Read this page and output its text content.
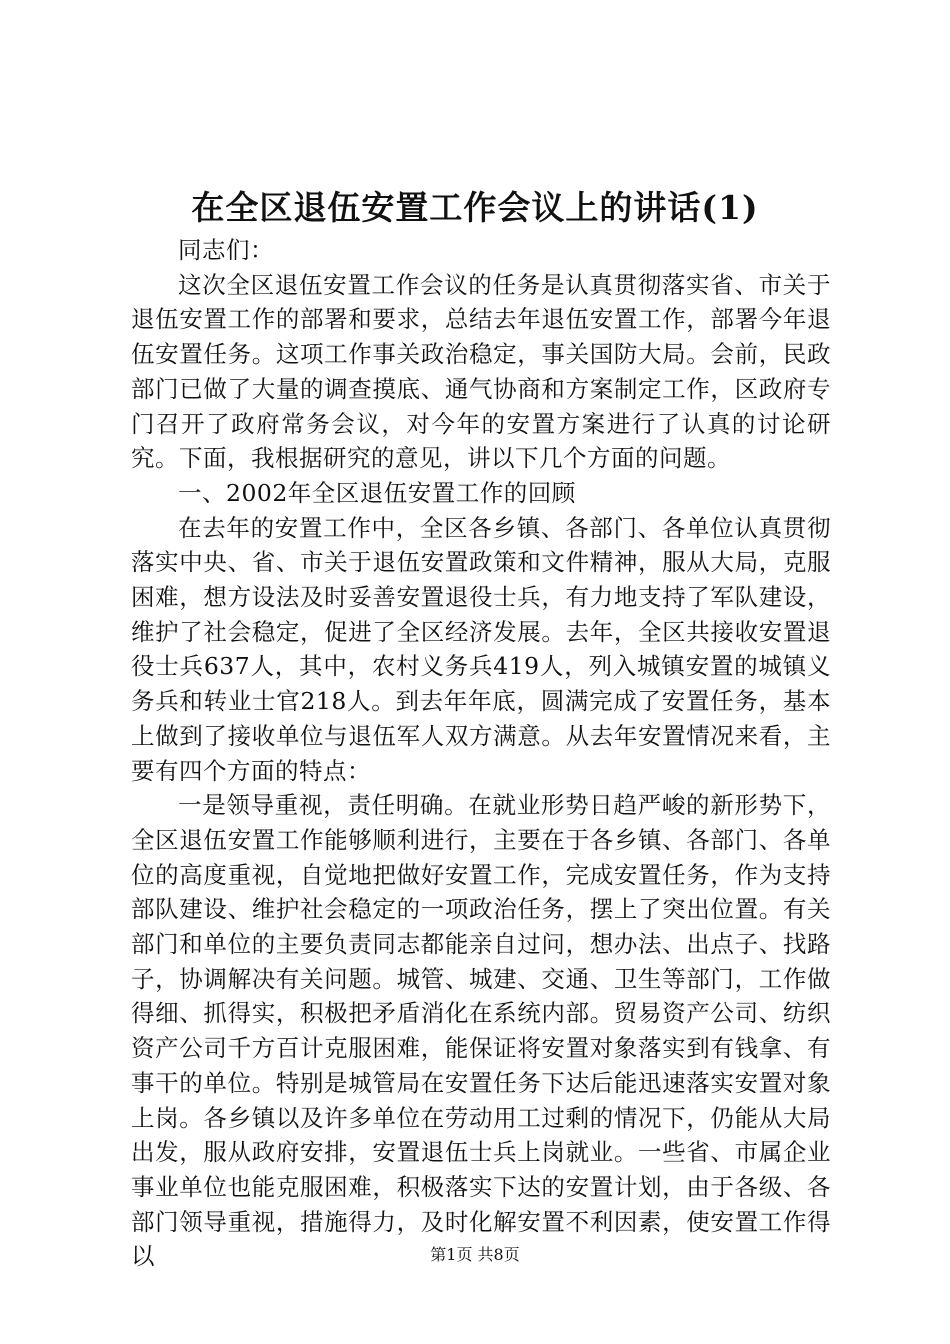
在全区退伍安置工作会议上的讲话(1)

同志们：

这次全区退伍安置工作会议的任务是认真贯彻落实省、市关于退伍安置工作的部署和要求，总结去年退伍安置工作，部署今年退伍安置任务。这项工作事关政治稳定，事关国防大局。会前，民政部门已做了大量的调查摸底、通气协商和方案制定工作，区政府专门召开了政府常务会议，对今年的安置方案进行了认真的讨论研究。下面，我根据研究的意见，讲以下几个方面的问题。

一、2002年全区退伍安置工作的回顾

在去年的安置工作中，全区各乡镇、各部门、各单位认真贯彻落实中央、省、市关于退伍安置政策和文件精神，服从大局，克服困难，想方设法及时妥善安置退役士兵，有力地支持了军队建设，维护了社会稳定，促进了全区经济发展。去年，全区共接收安置退役士兵637人，其中，农村义务兵419人，列入城镇安置的城镇义务兵和转业士官218人。到去年年底，圆满完成了安置任务，基本上做到了接收单位与退伍军人双方满意。从去年安置情况来看，主要有四个方面的特点：

一是领导重视，责任明确。在就业形势日趋严峻的新形势下，全区退伍安置工作能够顺利进行，主要在于各乡镇、各部门、各单位的高度重视，自觉地把做好安置工作，完成安置任务，作为支持部队建设、维护社会稳定的一项政治任务，摆上了突出位置。有关部门和单位的主要负责同志都能亲自过问，想办法、出点子、找路子，协调解决有关问题。城管、城建、交通、卫生等部门，工作做得细、抓得实，积极把矛盾消化在系统内部。贸易资产公司、纺织资产公司千方百计克服困难，能保证将安置对象落实到有钱拿、有事干的单位。特别是城管局在安置任务下达后能迅速落实安置对象上岗。各乡镇以及许多单位在劳动用工过剩的情况下，仍能从大局出发，服从政府安排，安置退伍士兵上岗就业。一些省、市属企业事业单位也能克服困难，积极落实下达的安置计划，由于各级、各部门领导重视，措施得力，及时化解安置不利因素，使安置工作得以	第1页 共8页
